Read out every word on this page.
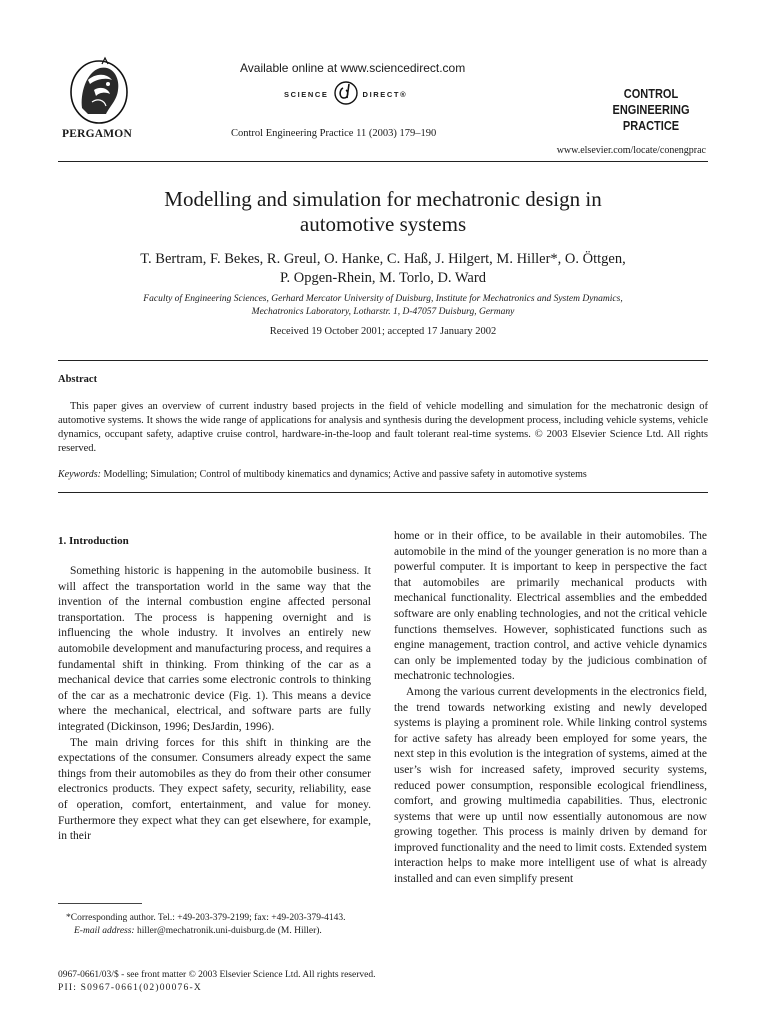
PERGAMON
Available online at www.sciencedirect.com
SCIENCE	DIRECT®
Control Engineering Practice 11 (2003) 179–190
CONTROL ENGINEERING
PRACTICE
www.elsevier.com/locate/conengprac
Modelling and simulation for mechatronic design in
automotive systems
T. Bertram, F. Bekes, R. Greul, O. Hanke, C. Haß, J. Hilgert, M. Hiller*, O. Öttgen,
P. Opgen-Rhein, M. Torlo, D. Ward
Faculty of Engineering Sciences, Gerhard Mercator University of Duisburg, Institute for Mechatronics and System Dynamics,
Mechatronics Laboratory, Lotharstr. 1, D-47057 Duisburg, Germany
Received 19 October 2001; accepted 17 January 2002
Abstract
This paper gives an overview of current industry based projects in the field of vehicle modelling and simulation for the mechatronic design of automotive systems. It shows the wide range of applications for analysis and synthesis during the development process, including vehicle systems, vehicle dynamics, occupant safety, adaptive cruise control, hardware-in-the-loop and fault tolerant real-time systems. © 2003 Elsevier Science Ltd. All rights reserved.
Keywords: Modelling; Simulation; Control of multibody kinematics and dynamics; Active and passive safety in automotive systems
1. Introduction

Something historic is happening in the automobile business. It will affect the transportation world in the same way that the invention of the internal combustion engine affected personal transportation. The process is happening overnight and is influencing the whole industry. It involves an entirely new automobile development and manufacturing process, and requires a fundamental shift in thinking. From thinking of the car as a mechanical device that carries some electronic controls to thinking of the car as a mechatronic device (Fig. 1). This means a device where the mechanical, electrical, and software parts are fully integrated (Dickinson, 1996; DesJardin, 1996).

The main driving forces for this shift in thinking are the expectations of the consumer. Consumers already expect the same things from their automobiles as they do from their other consumer electronics products. They expect safety, security, reliability, ease of operation, comfort, entertainment, and value for money. Furthermore they expect what they can get elsewhere, for example, in their

home or in their office, to be available in their automobiles. The automobile in the mind of the younger generation is no more than a powerful computer. It is important to keep in perspective the fact that automobiles are primarily mechanical products with mechanical functionality. Electrical assemblies and the embedded software are only enabling technologies, and not the critical vehicle functions themselves. However, sophisticated functions such as engine management, traction control, and active vehicle dynamics can only be implemented today by the judicious combination of mechatronic technologies.

Among the various current developments in the electronics field, the trend towards networking existing and newly developed systems is playing a prominent role. While linking control systems for active safety has already been employed for some years, the next step in this evolution is the integration of systems, aimed at the user’s wish for increased safety, improved security systems, reduced power consumption, responsible ecological friendliness, comfort, and growing multimedia capabilities. Thus, electronic systems that were up until now essentially autonomous are now growing together. This process is mainly driven by demand for improved functionality and the need to limit costs. Extended system interaction helps to make more intelligent use of what is already installed and can even simplify present

*Corresponding author. Tel.: +49-203-379-2199; fax: +49-203-379-4143.
E-mail address: hiller@mechatronik.uni-duisburg.de (M. Hiller).
0967-0661/03/$ - see front matter © 2003 Elsevier Science Ltd. All rights reserved.
PII: S0967-0661(02)00076-X
